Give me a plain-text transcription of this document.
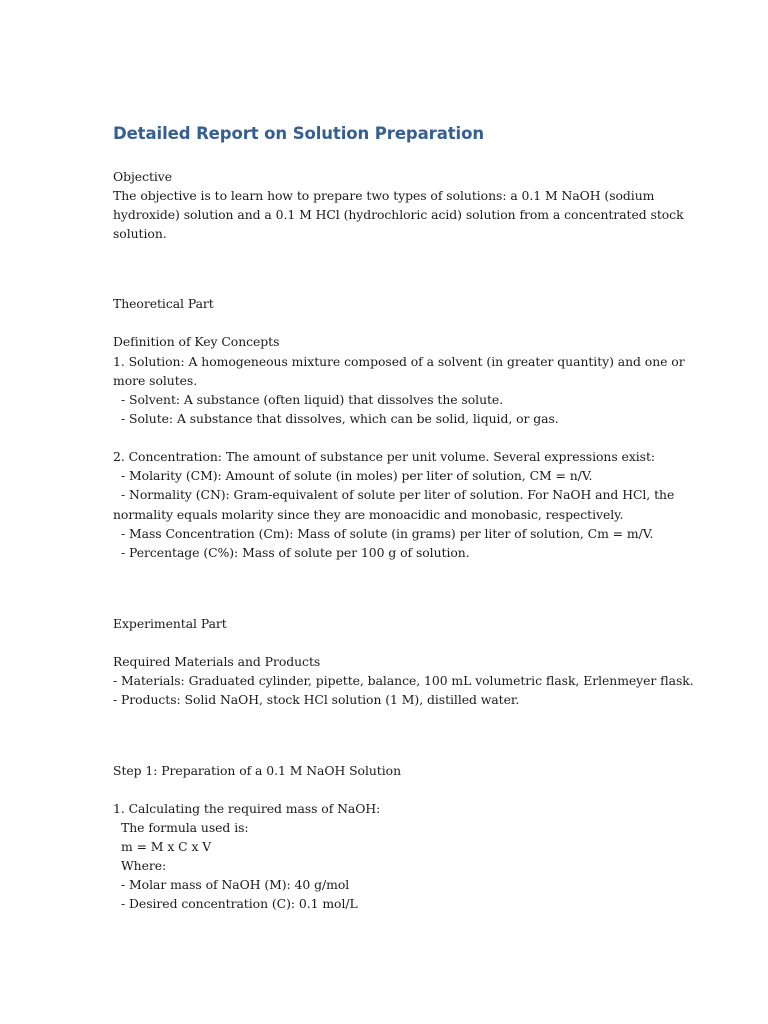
Detailed Report on Solution Preparation
Objective
The objective is to learn how to prepare two types of solutions: a 0.1 M NaOH (sodium
hydroxide) solution and a 0.1 M HCl (hydrochloric acid) solution from a concentrated stock
solution.
Theoretical Part
Definition of Key Concepts
1. Solution: A homogeneous mixture composed of a solvent (in greater quantity) and one or
more solutes.
- Solvent: A substance (often liquid) that dissolves the solute.
- Solute: A substance that dissolves, which can be solid, liquid, or gas.
2. Concentration: The amount of substance per unit volume. Several expressions exist:
- Molarity (CM): Amount of solute (in moles) per liter of solution, CM = n/V.
- Normality (CN): Gram-equivalent of solute per liter of solution. For NaOH and HCl, the
normality equals molarity since they are monoacidic and monobasic, respectively.
- Mass Concentration (Cm): Mass of solute (in grams) per liter of solution, Cm = m/V.
- Percentage (C%): Mass of solute per 100 g of solution.
Experimental Part
Required Materials and Products
- Materials: Graduated cylinder, pipette, balance, 100 mL volumetric flask, Erlenmeyer flask.
- Products: Solid NaOH, stock HCl solution (1 M), distilled water.
Step 1: Preparation of a 0.1 M NaOH Solution
1. Calculating the required mass of NaOH:
The formula used is:
m = M x C x V
Where:
- Molar mass of NaOH (M): 40 g/mol
- Desired concentration (C): 0.1 mol/L
